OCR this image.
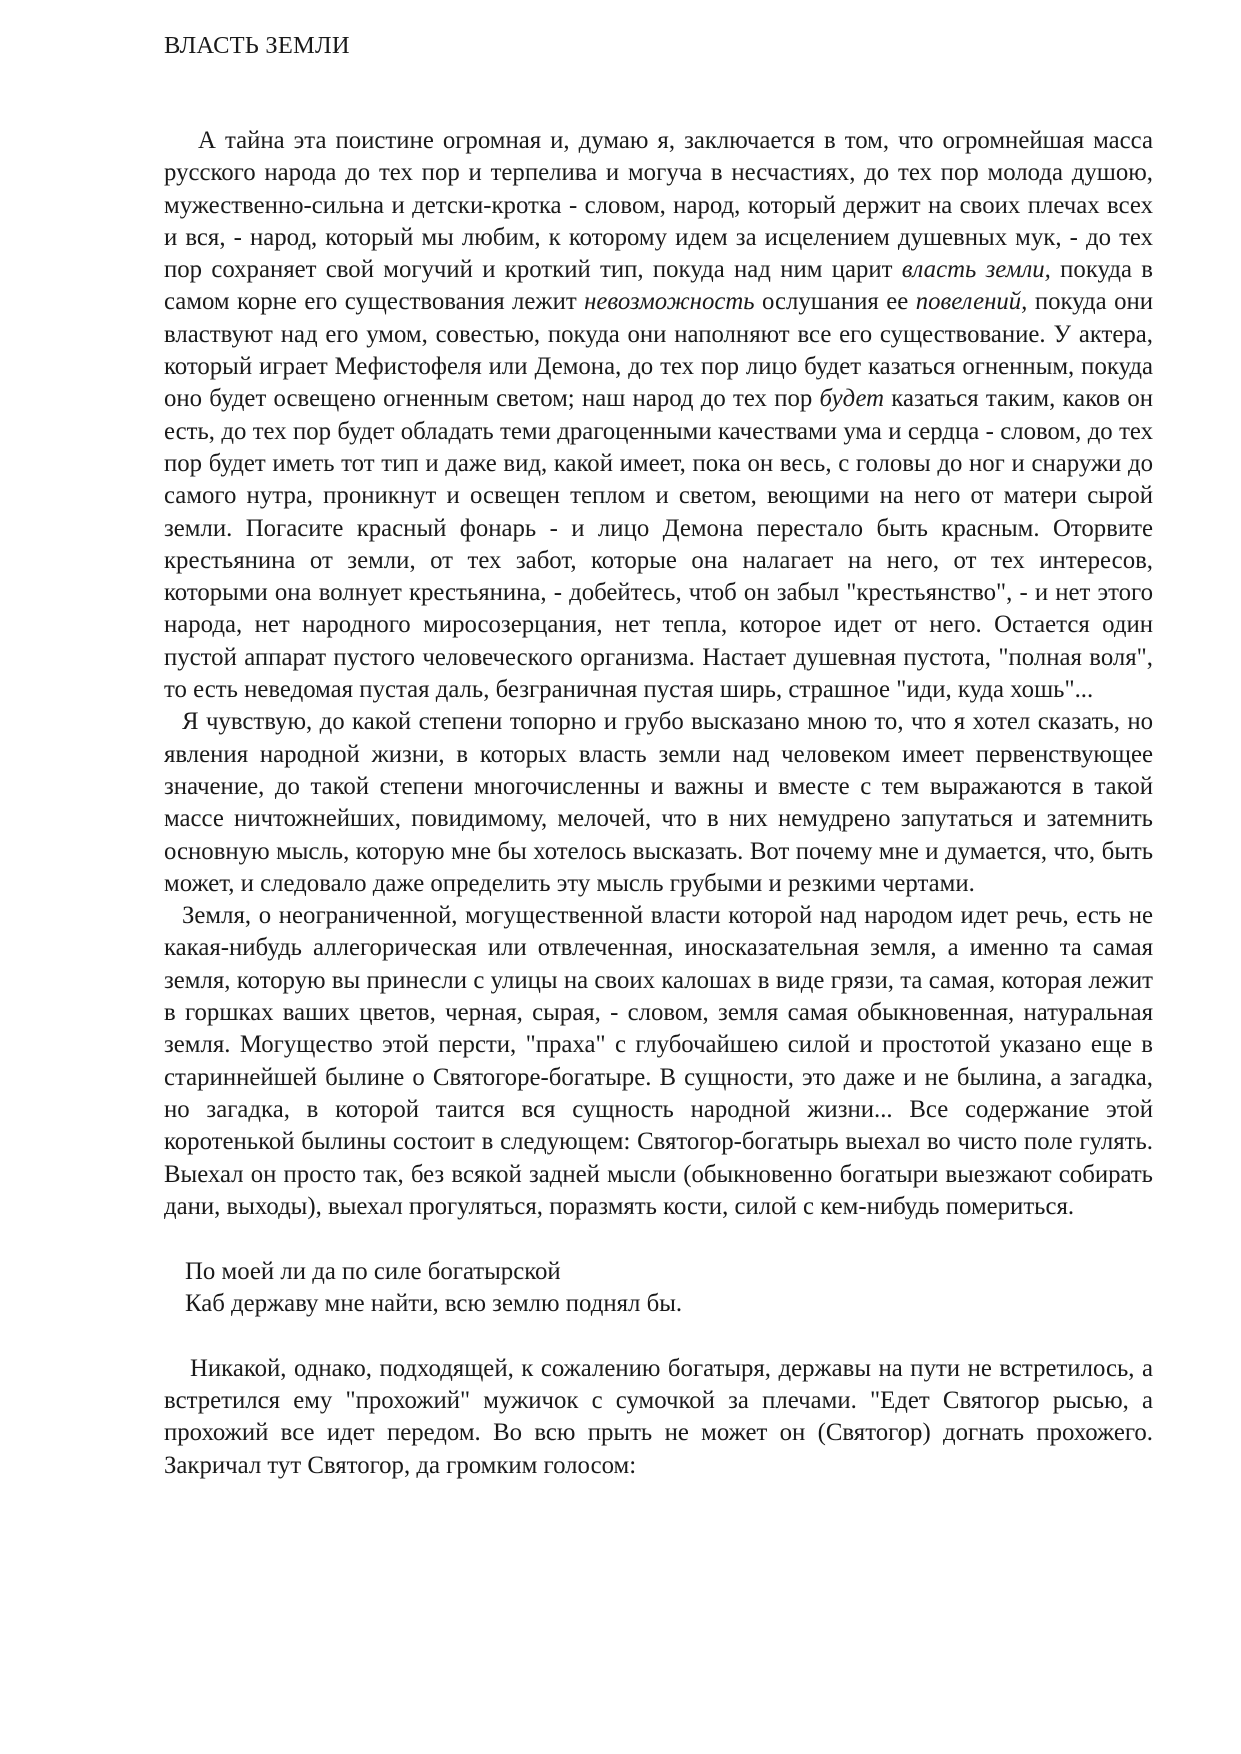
ВЛАСТЬ ЗЕМЛИ

А тайна эта поистине огромная и, думаю я, заключается в том, что огромнейшая масса русского народа до тех пор и терпелива и могуча в несчастиях, до тех пор молода душою, мужественно-сильна и детски-кротка - словом, народ, который держит на своих плечах всех и вся, - народ, который мы любим, к которому идем за исцелением душевных мук, - до тех пор сохраняет свой могучий и кроткий тип, покуда над ним царит власть земли, покуда в самом корне его существования лежит невозможность ослушания ее повелений, покуда они властвуют над его умом, совестью, покуда они наполняют все его существование. У актера, который играет Мефистофеля или Демона, до тех пор лицо будет казаться огненным, покуда оно будет освещено огненным светом; наш народ до тех пор будет казаться таким, каков он есть, до тех пор будет обладать теми драгоценными качествами ума и сердца - словом, до тех пор будет иметь тот тип и даже вид, какой имеет, пока он весь, с головы до ног и снаружи до самого нутра, проникнут и освещен теплом и светом, веющими на него от матери сырой земли. Погасите красный фонарь - и лицо Демона перестало быть красным. Оторвите крестьянина от земли, от тех забот, которые она налагает на него, от тех интересов, которыми она волнует крестьянина, - добейтесь, чтоб он забыл "крестьянство", - и нет этого народа, нет народного миросозерцания, нет тепла, которое идет от него. Остается один пустой аппарат пустого человеческого организма. Настает душевная пустота, "полная воля", то есть неведомая пустая даль, безграничная пустая ширь, страшное "иди, куда хошь"...

Я чувствую, до какой степени топорно и грубо высказано мною то, что я хотел сказать, но явления народной жизни, в которых власть земли над человеком имеет первенствующее значение, до такой степени многочисленны и важны и вместе с тем выражаются в такой массе ничтожнейших, повидимому, мелочей, что в них немудрено запутаться и затемнить основную мысль, которую мне бы хотелось высказать. Вот почему мне и думается, что, быть может, и следовало даже определить эту мысль грубыми и резкими чертами.

Земля, о неограниченной, могущественной власти которой над народом идет речь, есть не какая-нибудь аллегорическая или отвлеченная, иносказательная земля, а именно та самая земля, которую вы принесли с улицы на своих калошах в виде грязи, та самая, которая лежит в горшках ваших цветов, черная, сырая, - словом, земля самая обыкновенная, натуральная земля. Могущество этой персти, "праха" с глубочайшею силой и простотой указано еще в стариннейшей былине о Святогоре-богатыре. В сущности, это даже и не былина, а загадка, но загадка, в которой таится вся сущность народной жизни... Все содержание этой коротенькой былины состоит в следующем: Святогор-богатырь выехал во чисто поле гулять. Выехал он просто так, без всякой задней мысли (обыкновенно богатыри выезжают собирать дани, выходы), выехал прогуляться, поразмять кости, силой с кем-нибудь помериться.

По моей ли да по силе богатырской
Каб державу мне найти, всю землю поднял бы.

Никакой, однако, подходящей, к сожалению богатыря, державы на пути не встретилось, а встретился ему "прохожий" мужичок с сумочкой за плечами. "Едет Святогор рысью, а прохожий все идет передом. Во всю прыть не может он (Святогор) догнать прохожего. Закричал тут Святогор, да громким голосом:
